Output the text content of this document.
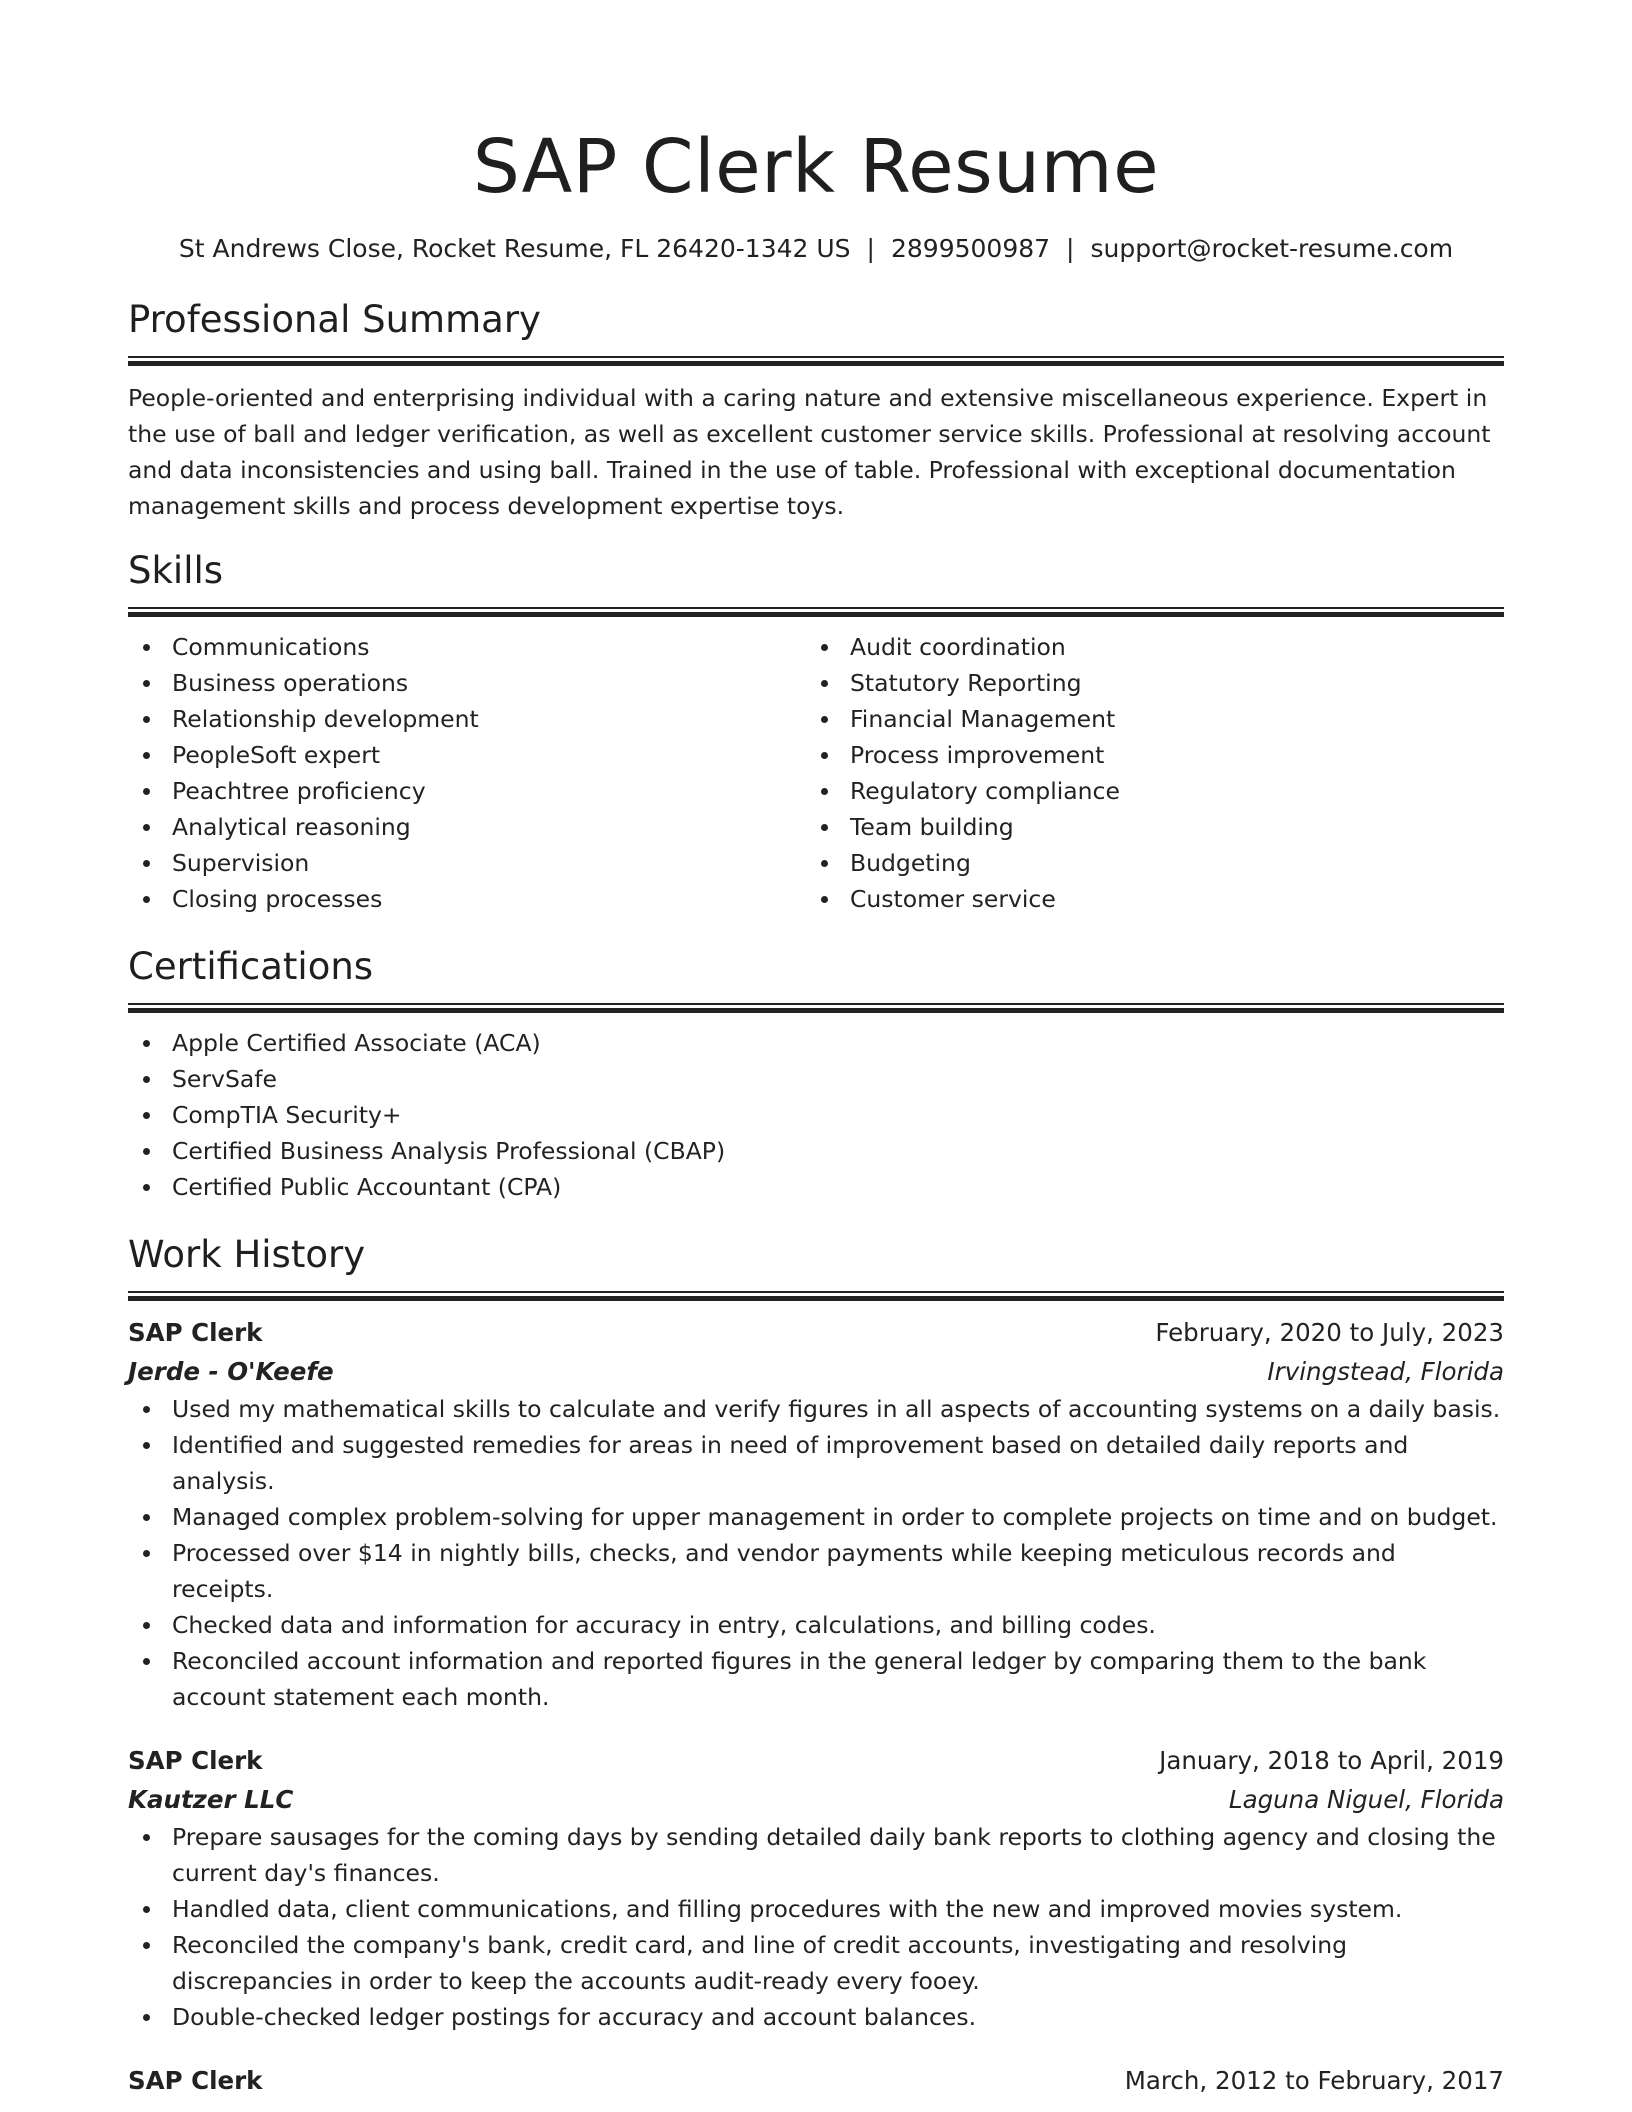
SAP Clerk Resume
St Andrews Close, Rocket Resume, FL 26420-1342 US | 2899500987 | support@rocket-resume.com
Professional Summary
People-oriented and enterprising individual with a caring nature and extensive miscellaneous experience. Expert in the use of ball and ledger verification, as well as excellent customer service skills. Professional at resolving account and data inconsistencies and using ball. Trained in the use of table. Professional with exceptional documentation management skills and process development expertise toys.
Skills
Communications
Business operations
Relationship development
PeopleSoft expert
Peachtree proficiency
Analytical reasoning
Supervision
Closing processes
Audit coordination
Statutory Reporting
Financial Management
Process improvement
Regulatory compliance
Team building
Budgeting
Customer service
Certifications
Apple Certified Associate (ACA)
ServSafe
CompTIA Security+
Certified Business Analysis Professional (CBAP)
Certified Public Accountant (CPA)
Work History
SAP Clerk	February, 2020 to July, 2023
Jerde - O'Keefe	Irvingstead, Florida
Used my mathematical skills to calculate and verify figures in all aspects of accounting systems on a daily basis.
Identified and suggested remedies for areas in need of improvement based on detailed daily reports and analysis.
Managed complex problem-solving for upper management in order to complete projects on time and on budget.
Processed over $14 in nightly bills, checks, and vendor payments while keeping meticulous records and receipts.
Checked data and information for accuracy in entry, calculations, and billing codes.
Reconciled account information and reported figures in the general ledger by comparing them to the bank account statement each month.
SAP Clerk	January, 2018 to April, 2019
Kautzer LLC	Laguna Niguel, Florida
Prepare sausages for the coming days by sending detailed daily bank reports to clothing agency and closing the current day's finances.
Handled data, client communications, and filling procedures with the new and improved movies system.
Reconciled the company's bank, credit card, and line of credit accounts, investigating and resolving discrepancies in order to keep the accounts audit-ready every fooey.
Double-checked ledger postings for accuracy and account balances.
SAP Clerk	March, 2012 to February, 2017
